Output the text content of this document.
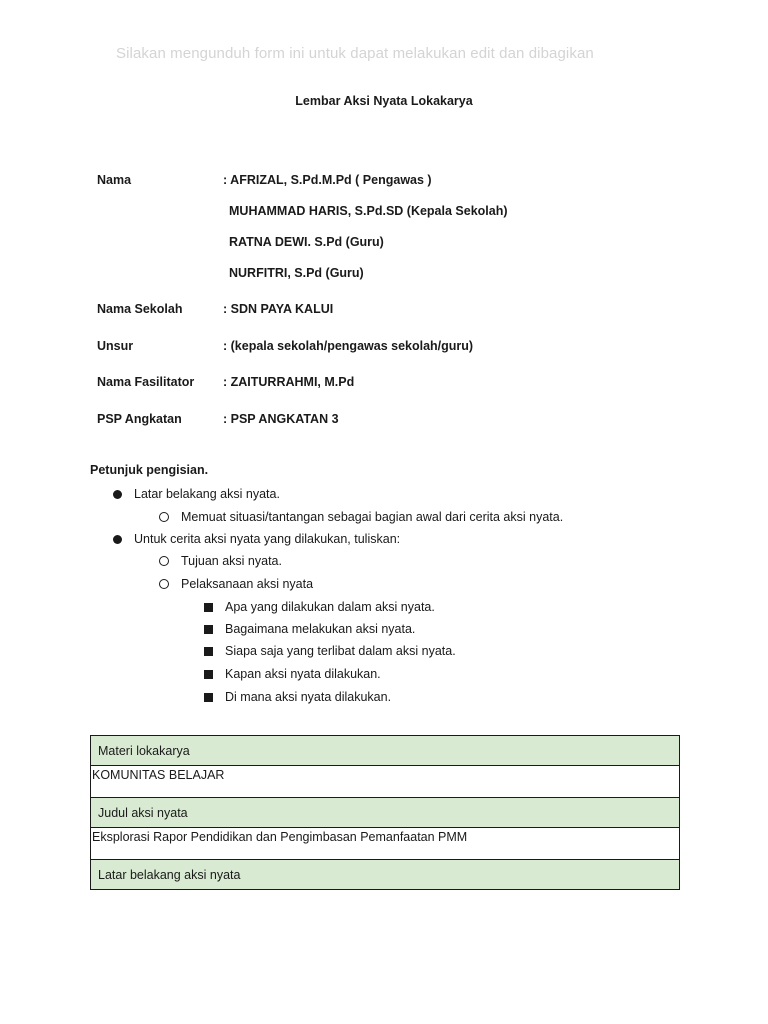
Silakan mengunduh form ini untuk dapat melakukan edit dan dibagikan
Lembar Aksi Nyata Lokakarya
Nama	: AFRIZAL, S.Pd.M.Pd ( Pengawas )
MUHAMMAD HARIS, S.Pd.SD (Kepala Sekolah)
RATNA DEWI. S.Pd (Guru)
NURFITRI, S.Pd (Guru)
Nama Sekolah	: SDN PAYA KALUI
Unsur	: (kepala sekolah/pengawas sekolah/guru)
Nama Fasilitator : ZAITURRAHMI, M.Pd
PSP Angkatan	: PSP ANGKATAN 3
Petunjuk pengisian.
Latar belakang aksi nyata.
Memuat situasi/tantangan sebagai bagian awal dari cerita aksi nyata.
Untuk cerita aksi nyata yang dilakukan, tuliskan:
Tujuan aksi nyata.
Pelaksanaan aksi nyata
Apa yang dilakukan dalam aksi nyata.
Bagaimana melakukan aksi nyata.
Siapa saja yang terlibat dalam aksi nyata.
Kapan aksi nyata dilakukan.
Di mana aksi nyata dilakukan.
Materi lokakarya
KOMUNITAS BELAJAR
Judul aksi nyata
Eksplorasi Rapor Pendidikan dan Pengimbasan Pemanfaatan PMM
Latar belakang aksi nyata
